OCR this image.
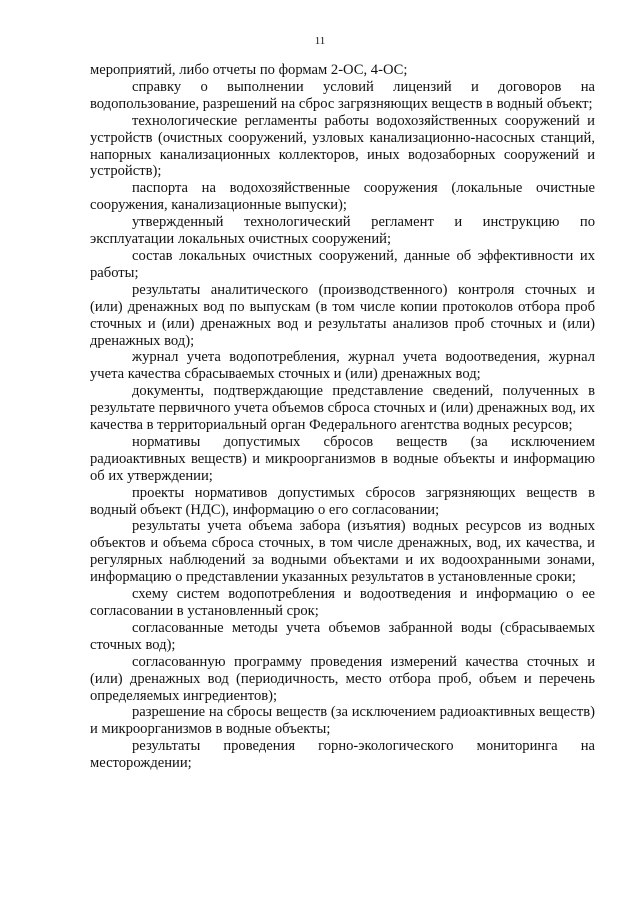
11

мероприятий, либо отчеты по формам 2-ОС, 4-ОС;

справку о выполнении условий лицензий и договоров на водопользование, разрешений на сброс загрязняющих веществ в водный объект;

технологические регламенты работы водохозяйственных сооружений и устройств (очистных сооружений, узловых канализационно-насосных станций, напорных канализационных коллекторов, иных водозаборных сооружений и устройств);

паспорта на водохозяйственные сооружения (локальные очистные сооружения, канализационные выпуски);

утвержденный технологический регламент и инструкцию по эксплуатации локальных очистных сооружений;

состав локальных очистных сооружений, данные об эффективности их работы;

результаты аналитического (производственного) контроля сточных и (или) дренажных вод по выпускам (в том числе копии протоколов отбора проб сточных и (или) дренажных вод и результаты анализов проб сточных и (или) дренажных вод);

журнал учета водопотребления, журнал учета водоотведения, журнал учета качества сбрасываемых сточных и (или) дренажных вод;

документы, подтверждающие представление сведений, полученных в результате первичного учета объемов сброса сточных и (или) дренажных вод, их качества в территориальный орган Федерального агентства водных ресурсов;

нормативы допустимых сбросов веществ (за исключением радиоактивных веществ) и микроорганизмов в водные объекты и информацию об их утверждении;

проекты нормативов допустимых сбросов загрязняющих веществ в водный объект (НДС), информацию о его согласовании;

результаты учета объема забора (изъятия) водных ресурсов из водных объектов и объема сброса сточных, в том числе дренажных, вод, их качества, и регулярных наблюдений за водными объектами и их водоохранными зонами, информацию о представлении указанных результатов в установленные сроки;

схему систем водопотребления и водоотведения и информацию о ее согласовании в установленный срок;

согласованные методы учета объемов забранной воды (сбрасываемых сточных вод);

согласованную программу проведения измерений качества сточных и (или) дренажных вод (периодичность, место отбора проб, объем и перечень определяемых ингредиентов);

разрешение на сбросы веществ (за исключением радиоактивных веществ) и микроорганизмов в водные объекты;

результаты проведения горно-экологического мониторинга на месторождении;
